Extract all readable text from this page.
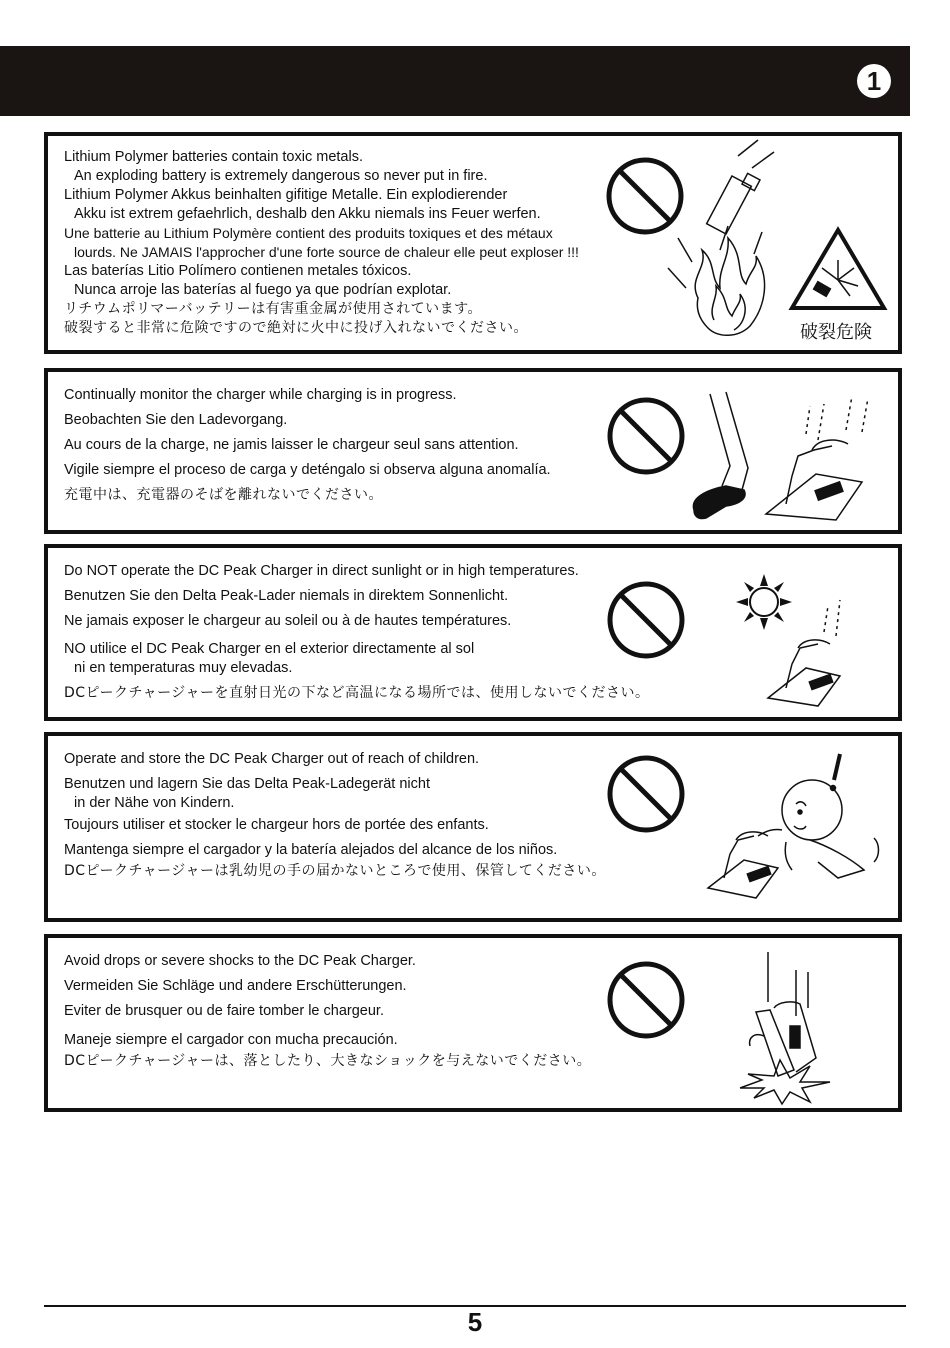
1
Lithium Polymer batteries contain toxic metals.
An exploding battery is extremely dangerous so never put in fire.
Lithium Polymer Akkus beinhalten gifitige Metalle. Ein explodierender
Akku ist extrem gefaehrlich, deshalb den Akku niemals ins Feuer werfen.
Une batterie au Lithium Polymère contient des produits toxiques et des métaux
lourds. Ne JAMAIS l'approcher d'une forte source de chaleur elle peut exploser !!!
Las baterías Litio Polímero contienen metales tóxicos.
Nunca arroje las baterías al fuego ya que podrían explotar.
リチウムポリマーバッテリーは有害重金属が使用されています。
破裂すると非常に危険ですので絶対に火中に投げ入れないでください。	破裂危険
Continually monitor the charger while charging is in progress.
Beobachten Sie den Ladevorgang.
Au cours de la charge, ne jamis laisser le chargeur seul sans attention.
Vigile siempre el proceso de carga y deténgalo si observa alguna anomalía.
充電中は、充電器のそばを離れないでください。
Do NOT operate the DC Peak Charger in direct sunlight or in high temperatures.
Benutzen Sie den Delta Peak-Lader niemals in direktem Sonnenlicht.
Ne jamais exposer le chargeur au soleil ou à de hautes températures.
NO utilice el DC Peak Charger en el exterior directamente al sol
ni en temperaturas muy elevadas.
DCピークチャージャーを直射日光の下など高温になる場所では、使用しないでください。
Operate and store the DC Peak Charger out of reach of children.
Benutzen und lagern Sie das Delta Peak-Ladegerät nicht
in der Nähe von Kindern.
Toujours utiliser et stocker le chargeur hors de portée des enfants.
Mantenga siempre el cargador y la batería alejados del alcance de los niños.
DCピークチャージャーは乳幼児の手の届かないところで使用、保管してください。
Avoid drops or severe shocks to the DC Peak Charger.
Vermeiden Sie Schläge und andere Erschütterungen.
Eviter de brusquer ou de faire tomber le chargeur.
Maneje siempre el cargador con mucha precaución.
DCピークチャージャーは、落としたり、大きなショックを与えないでください。
5
